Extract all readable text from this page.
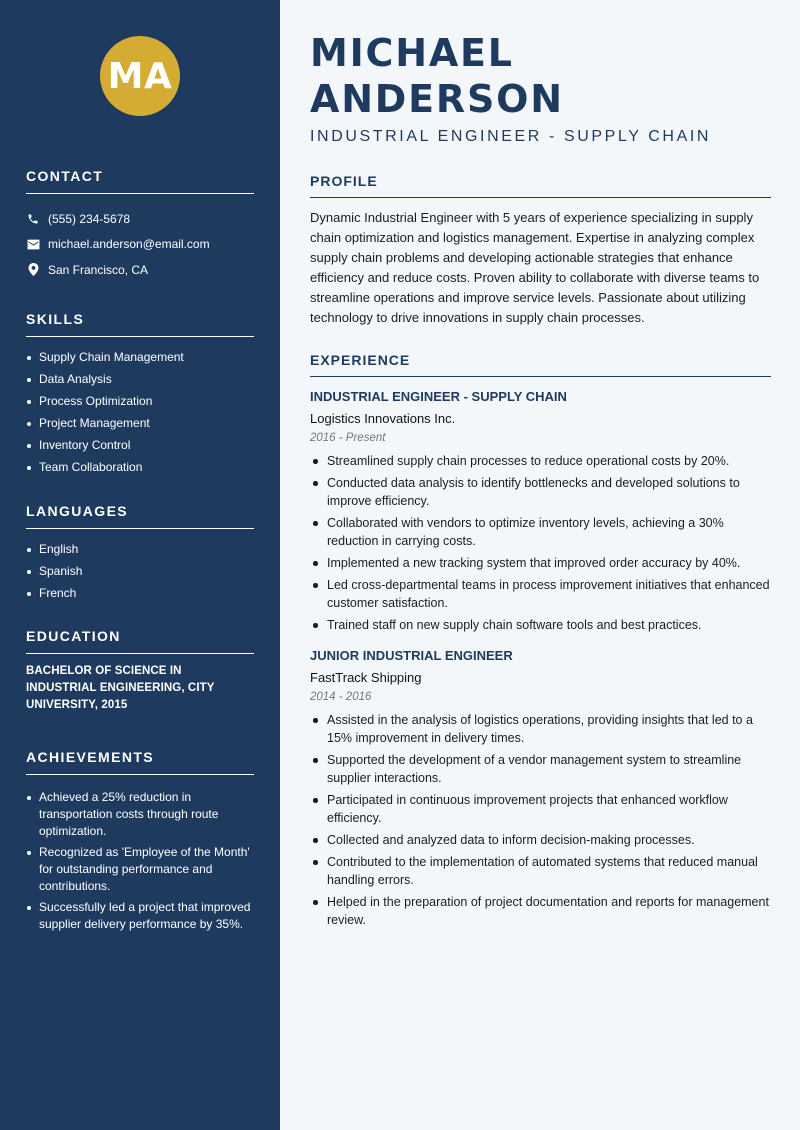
MA
CONTACT
(555) 234-5678
michael.anderson@email.com
San Francisco, CA
SKILLS
Supply Chain Management
Data Analysis
Process Optimization
Project Management
Inventory Control
Team Collaboration
LANGUAGES
English
Spanish
French
EDUCATION

BACHELOR OF SCIENCE IN INDUSTRIAL ENGINEERING, CITY UNIVERSITY, 2015

ACHIEVEMENTS
Achieved a 25% reduction in transportation costs through route optimization.
Recognized as 'Employee of the Month' for outstanding performance and contributions.
Successfully led a project that improved supplier delivery performance by 35%.
MICHAEL ANDERSON
INDUSTRIAL ENGINEER - SUPPLY CHAIN
PROFILE

Dynamic Industrial Engineer with 5 years of experience specializing in supply chain optimization and logistics management. Expertise in analyzing complex supply chain problems and developing actionable strategies that enhance efficiency and reduce costs. Proven ability to collaborate with diverse teams to streamline operations and improve service levels. Passionate about utilizing technology to drive innovations in supply chain processes.

EXPERIENCE
INDUSTRIAL ENGINEER - SUPPLY CHAIN
Logistics Innovations Inc.
2016 - Present
Streamlined supply chain processes to reduce operational costs by 20%.
Conducted data analysis to identify bottlenecks and developed solutions to improve efficiency.
Collaborated with vendors to optimize inventory levels, achieving a 30% reduction in carrying costs.
Implemented a new tracking system that improved order accuracy by 40%.
Led cross-departmental teams in process improvement initiatives that enhanced customer satisfaction.
Trained staff on new supply chain software tools and best practices.
JUNIOR INDUSTRIAL ENGINEER
FastTrack Shipping
2014 - 2016
Assisted in the analysis of logistics operations, providing insights that led to a 15% improvement in delivery times.
Supported the development of a vendor management system to streamline supplier interactions.
Participated in continuous improvement projects that enhanced workflow efficiency.
Collected and analyzed data to inform decision-making processes.
Contributed to the implementation of automated systems that reduced manual handling errors.
Helped in the preparation of project documentation and reports for management review.
